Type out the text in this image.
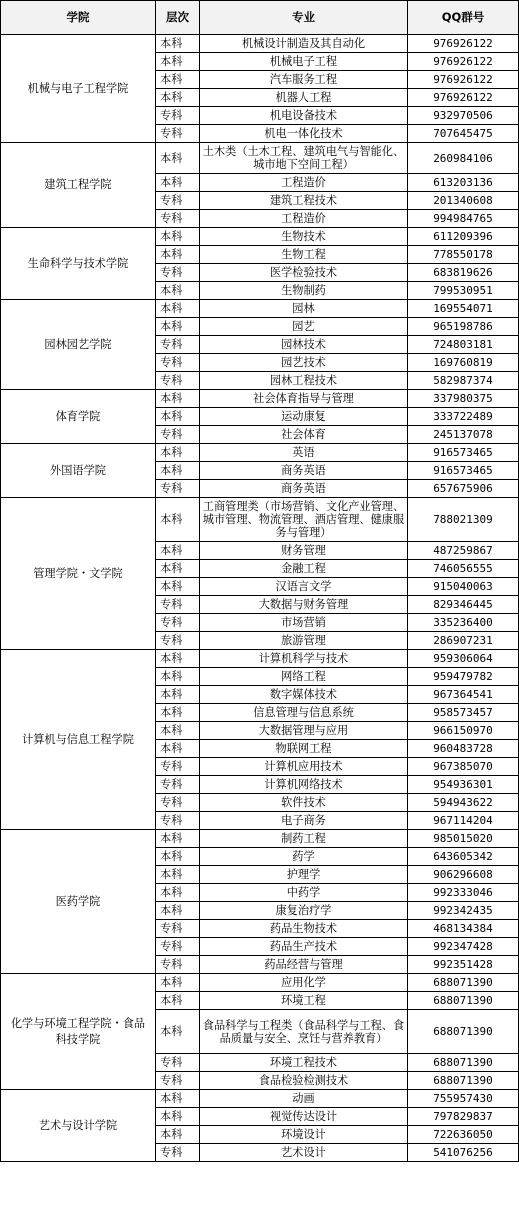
学院	层次	专业	QQ群号
机械与电子工程学院	本科	机械设计制造及其自动化	976926122
	本科	机械电子工程	976926122
	本科	汽车服务工程	976926122
	本科	机器人工程	976926122
	专科	机电设备技术	932970506
	专科	机电一体化技术	707645475
建筑工程学院	本科	土木类（土木工程、建筑电气与智能化、城市地下空间工程）	260984106
	本科	工程造价	613203136
	专科	建筑工程技术	201340608
	专科	工程造价	994984765
生命科学与技术学院	本科	生物技术	611209396
	本科	生物工程	778550178
	专科	医学检验技术	683819626
	本科	生物制药	799530951
园林园艺学院	本科	园林	169554071
	本科	园艺	965198786
	专科	园林技术	724803181
	专科	园艺技术	169760819
	专科	园林工程技术	582987374
体育学院	本科	社会体育指导与管理	337980375
	本科	运动康复	333722489
	专科	社会体育	245137078
外国语学院	本科	英语	916573465
	本科	商务英语	916573465
	专科	商务英语	657675906
管理学院・文学院	本科	工商管理类（市场营销、文化产业管理、城市管理、物流管理、酒店管理、健康服务与管理）	788021309
	本科	财务管理	487259867
	本科	金融工程	746056555
	本科	汉语言文学	915040063
	专科	大数据与财务管理	829346445
	专科	市场营销	335236400
	专科	旅游管理	286907231
计算机与信息工程学院	本科	计算机科学与技术	959306064
	本科	网络工程	959479782
	本科	数字媒体技术	967364541
	本科	信息管理与信息系统	958573457
	本科	大数据管理与应用	966150970
	本科	物联网工程	960483728
	专科	计算机应用技术	967385070
	专科	计算机网络技术	954936301
	专科	软件技术	594943622
	专科	电子商务	967114204
医药学院	本科	制药工程	985015020
	本科	药学	643605342
	本科	护理学	906296608
	本科	中药学	992333046
	本科	康复治疗学	992342435
	专科	药品生物技术	468134384
	专科	药品生产技术	992347428
	专科	药品经营与管理	992351428
化学与环境工程学院・食品科技学院	本科	应用化学	688071390
	本科	环境工程	688071390
	本科	食品科学与工程类（食品科学与工程、食品质量与安全、烹饪与营养教育）	688071390
	专科	环境工程技术	688071390
	专科	食品检验检测技术	688071390
艺术与设计学院	本科	动画	755957430
	本科	视觉传达设计	797829837
	本科	环境设计	722636050
	专科	艺术设计	541076256
